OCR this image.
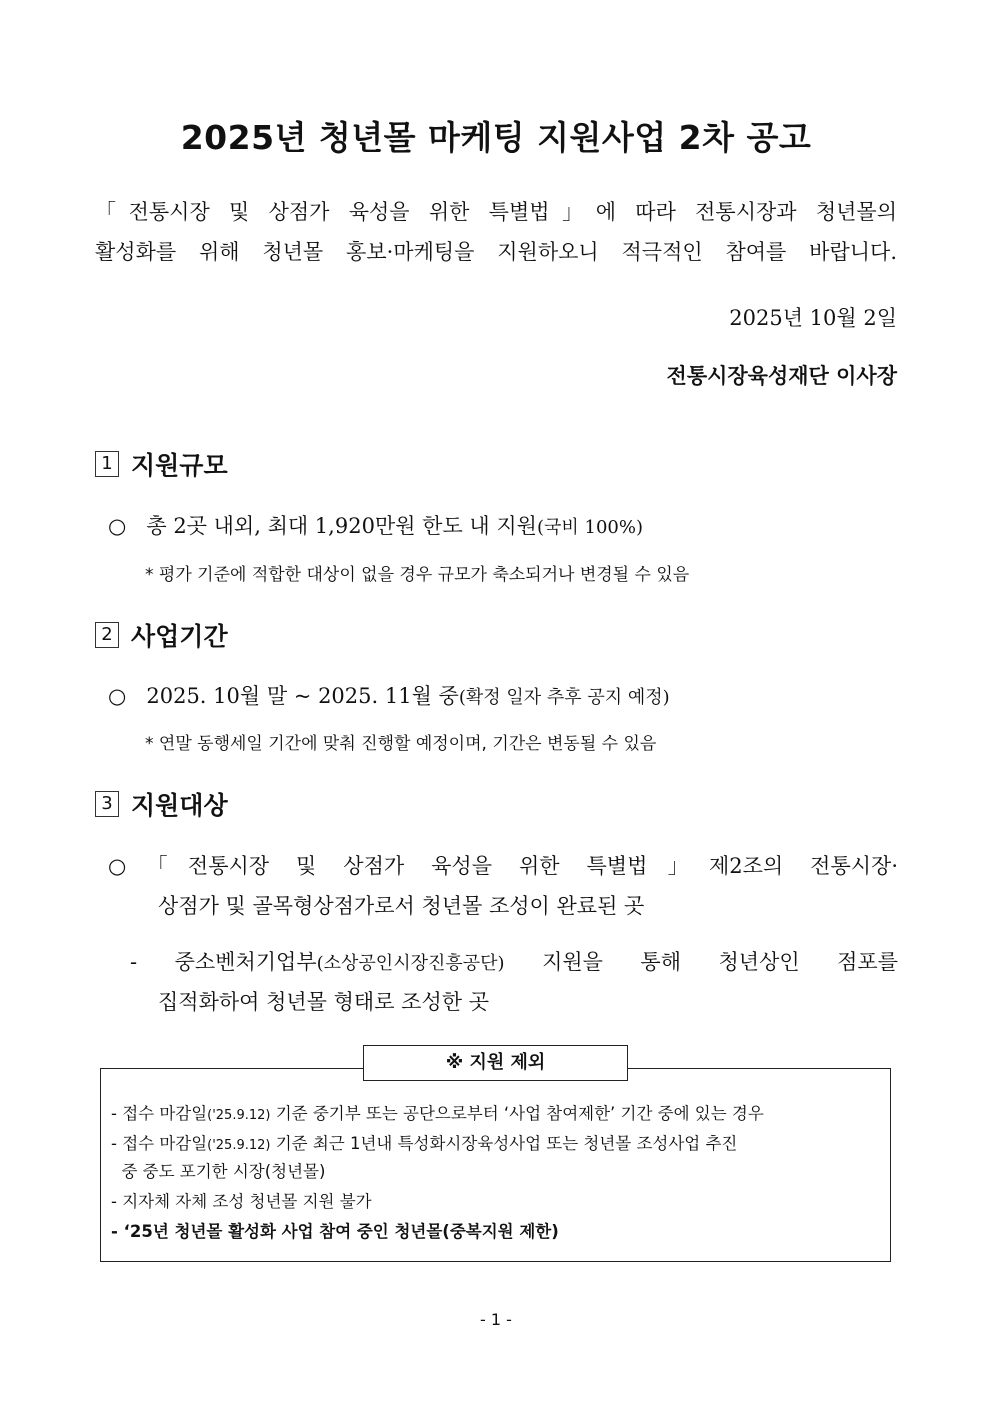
2025년 청년몰 마케팅 지원사업 2차 공고
「전통시장 및 상점가 육성을 위한 특별법」에 따라 전통시장과 청년몰의
활성화를 위해 청년몰 홍보·마케팅을 지원하오니 적극적인 참여를 바랍니다.
2025년 10월 2일
전통시장육성재단 이사장
1 지원규모
○ 총 2곳 내외, 최대 1,920만원 한도 내 지원(국비 100%)
* 평가 기준에 적합한 대상이 없을 경우 규모가 축소되거나 변경될 수 있음
2 사업기간
○ 2025. 10월 말 ~ 2025. 11월 중(확정 일자 추후 공지 예정)
* 연말 동행세일 기간에 맞춰 진행할 예정이며, 기간은 변동될 수 있음
3 지원대상
○「전통시장 및 상점가 육성을 위한 특별법」제2조의 전통시장·
상점가 및 골목형상점가로서 청년몰 조성이 완료된 곳
- 중소벤처기업부(소상공인시장진흥공단) 지원을 통해 청년상인 점포를
집적화하여 청년몰 형태로 조성한 곳
※ 지원 제외
- 접수 마감일('25.9.12) 기준 중기부 또는 공단으로부터 ‘사업 참여제한’ 기간 중에 있는 경우
- 접수 마감일('25.9.12) 기준 최근 1년내 특성화시장육성사업 또는 청년몰 조성사업 추진
중 중도 포기한 시장(청년몰)
- 지자체 자체 조성 청년몰 지원 불가
- ‘25년 청년몰 활성화 사업 참여 중인 청년몰(중복지원 제한)
- 1 -
